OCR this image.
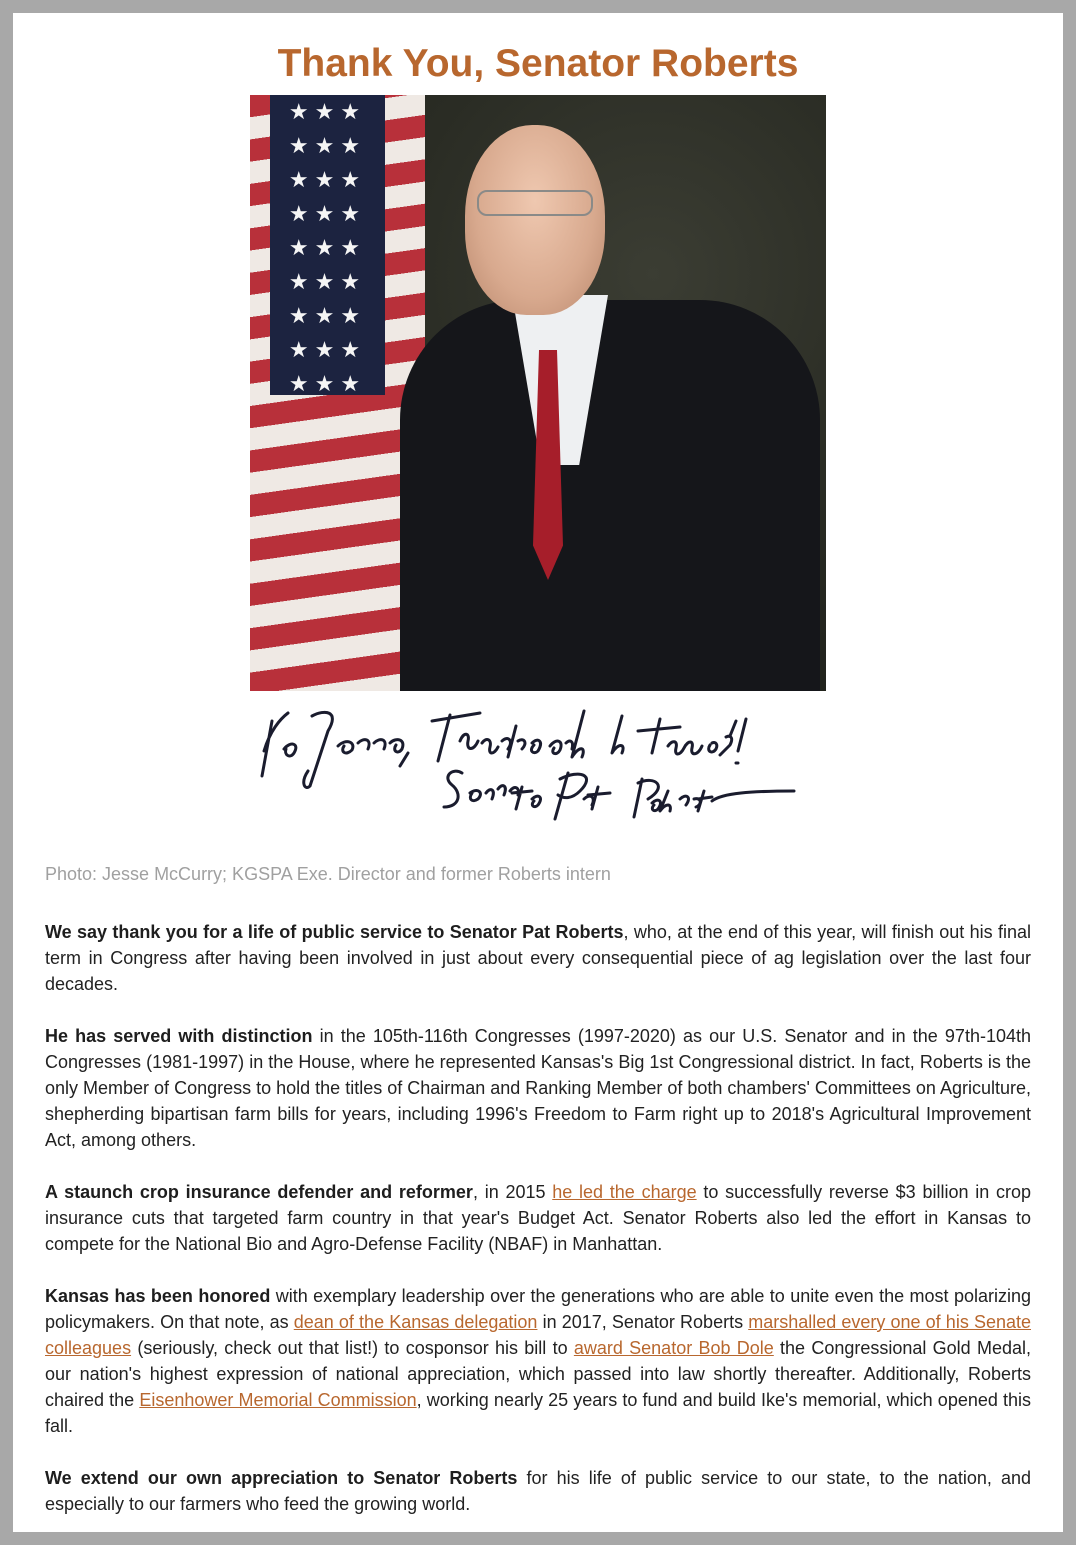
Thank You, Senator Roberts
★★★
★★★
★★★
★★★
★★★
★★★
★★★
★★★
★★★
Photo: Jesse McCurry; KGSPA Exe. Director and former Roberts intern

We say thank you for a life of public service to Senator Pat Roberts, who, at the end of this year, will finish out his final term in Congress after having been involved in just about every consequential piece of ag legislation over the last four decades.

He has served with distinction in the 105th-116th Congresses (1997-2020) as our U.S. Senator and in the 97th-104th Congresses (1981-1997) in the House, where he represented Kansas's Big 1st Congressional district. In fact, Roberts is the only Member of Congress to hold the titles of Chairman and Ranking Member of both chambers' Committees on Agriculture, shepherding bipartisan farm bills for years, including 1996's Freedom to Farm right up to 2018's Agricultural Improvement Act, among others.

A staunch crop insurance defender and reformer, in 2015 he led the charge to successfully reverse $3 billion in crop insurance cuts that targeted farm country in that year's Budget Act. Senator Roberts also led the effort in Kansas to compete for the National Bio and Agro-Defense Facility (NBAF) in Manhattan.

Kansas has been honored with exemplary leadership over the generations who are able to unite even the most polarizing policymakers. On that note, as dean of the Kansas delegation in 2017, Senator Roberts marshalled every one of his Senate colleagues (seriously, check out that list!) to cosponsor his bill to award Senator Bob Dole the Congressional Gold Medal, our nation's highest expression of national appreciation, which passed into law shortly thereafter. Additionally, Roberts chaired the Eisenhower Memorial Commission, working nearly 25 years to fund and build Ike's memorial, which opened this fall.

We extend our own appreciation to Senator Roberts for his life of public service to our state, to the nation, and especially to our farmers who feed the growing world.
